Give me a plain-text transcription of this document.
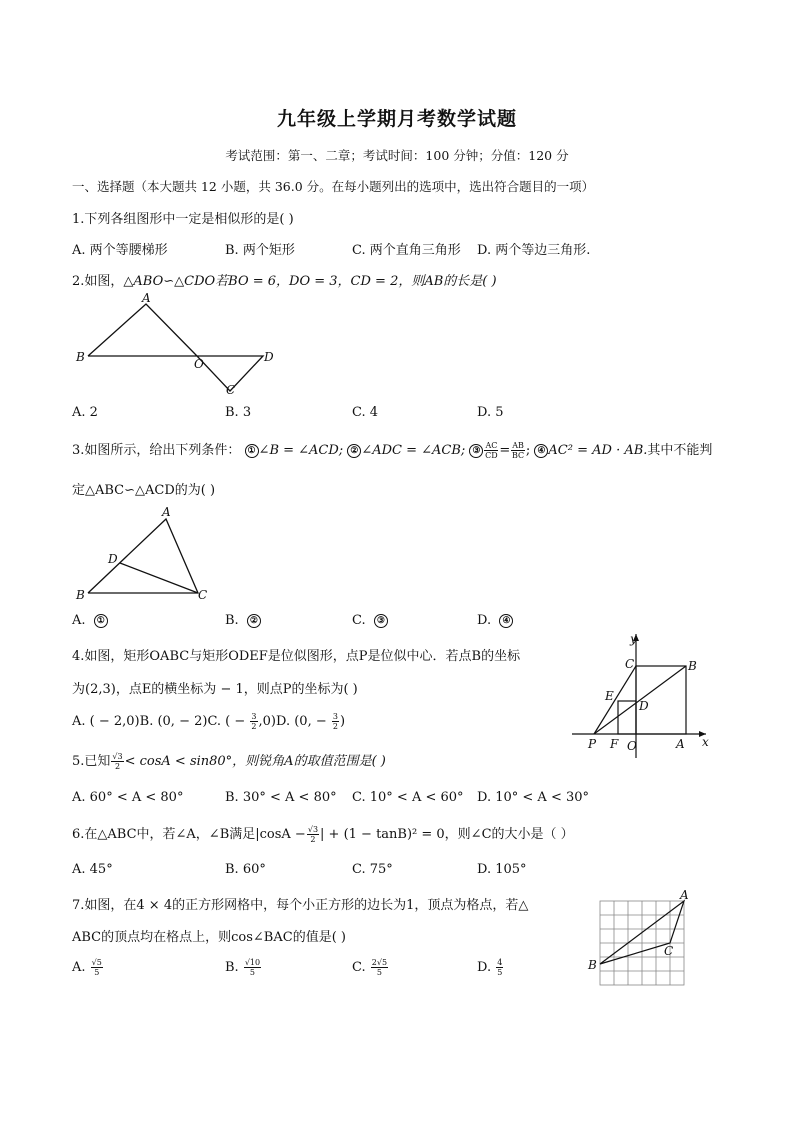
九年级上学期月考数学试题
考试范围：第一、二章；考试时间：100 分钟；分值：120 分
一、选择题（本大题共 12 小题，共 36.0 分。在每小题列出的选项中，选出符合题目的一项）
1.下列各组图形中一定是相似形的是( )
A. 两个等腰梯形	B. 两个矩形	C. 两个直角三角形 D. 两个等边三角形.
2.如图，△ABO∽△CDO若BO = 6，DO = 3，CD = 2，则AB的长是( )
A
B	O	D
C
A. 2	B. 3	C. 4	D. 5
3.如图所示，给出下列条件： ① ∠B = ∠ACD; ② ∠ADC = ∠ACB; ③ $\frac{AC}{CD} = \frac{AB}{BC}$ ; ④ AC² = AD · AB.其中不能判
定△ABC∽△ACD的为( )
A
D
B	C
A. ①	B. ②	C. ③	D. ④
4.如图，矩形OABC与矩形ODEF是位似图形，点P是位似中心．若点B的坐标
为(2,3)，点E的横坐标为 − 1，则点P的坐标为( )
A. ( − 2,0)B. (0, − 2)C. ( − $\frac{3}{2} ,0)D$. (0, − $\frac{3}{2}$ )
y
C	B
E
D
P F O	A x
5.已知 $\frac{√3}{2} < \cos A < \sin 80^\circ$，则锐角A的取值范围是( )
A. 60° < A < 80°	B. 30° < A < 80° C. 10° < A < 60° D. 10° < A < 30°
6.在△ABC中，若∠A，∠B满足$|\cos A - \frac{√3}{2}$ | + (1 − tanB)² = 0，则∠C的大小是（ ）
A. 45°	B. 60°	C. 75°	D. 105°
7.如图，在4 × 4的正方形网格中，每个小正方形的边长为1，顶点为格点，若△
ABC的顶点均在格点上，则cos∠BAC的值是( )
A. $\frac{√5}{5}$	B. $\frac{√10}{5}$	C. $\frac{2√5}{5}$	D. $\frac{4}{5}$
A
C
B
